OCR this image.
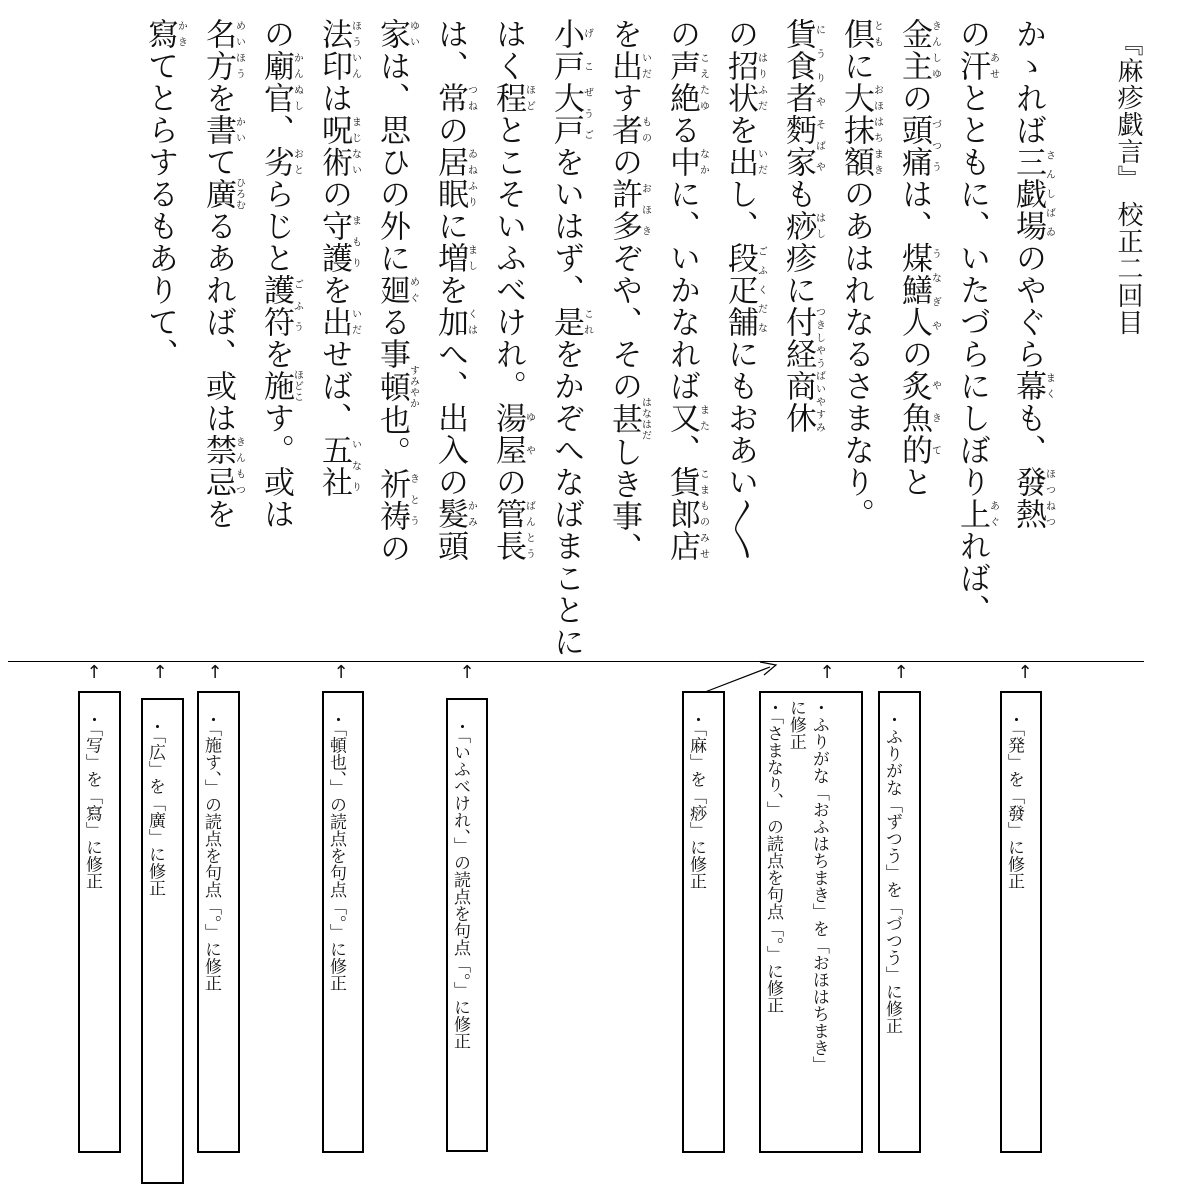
『麻疹戯言』 校正二回目
かゝれば三戯場さんしばゐのやぐら幕まくも、發熱ほつねつ
の汗あせとともに、いたづらにしぼり上あぐれば、
金主きんしゆの頭痛づつうは、煤鱔人うなぎやの炙魚的やきてと
倶ともに大抹額おほはちまきのあはれなるさまなり。
貨食者にうりや麪家そばやも痧はし疹に付経商休つきしやうばいやすみ
の招状はりふだを出いだし、段疋舗ごふくだなにもおあい〳〵
の声こえ絶たゆる中なかに、いかなれば又また、貨郎店こまものみせ
を出いだす者ものの許多おほきぞや、その甚はなはだしき事、
小戸げこ大戸ぜうごをいはず、是これをかぞへなばまことに
はく程ほどとこそいふべけれ。湯屋ゆやの管長ばんとう
は、常つねの居眠ゐねふりに増ましを加くはへ、出入の髮かみ頭
家ゆいは、思ひの外に廻めぐる事頓すみやか也。祈祷きとうの
法印ほういんは呪術まじないの守護まもりを出いだせば、五社いなり
の廟官かんぬし、劣おとらじと護符ごふうを施ほどこす。或は
名方めいほうを書かいて廣ひろむるあれば、或は禁忌きんもつを
寫かきてとらするもありて、
↑
↑
↑
↑
↑
↑
↑
↑
・「発」を「發」に修正
・ふりがな「ずつう」を「づつう」に修正
・ふりがな「おふはちまき」を「おほはちまき」
に修正
・「さまなり、」の読点を句点「。」に修正
・「麻」を「痧」に修正
・「いふべけれ、」の読点を句点「。」に修正
・「頓也、」の読点を句点「。」に修正
・「施す、」の読点を句点「。」に修正
・「広」を「廣」に修正
・「写」を「寫」に修正
